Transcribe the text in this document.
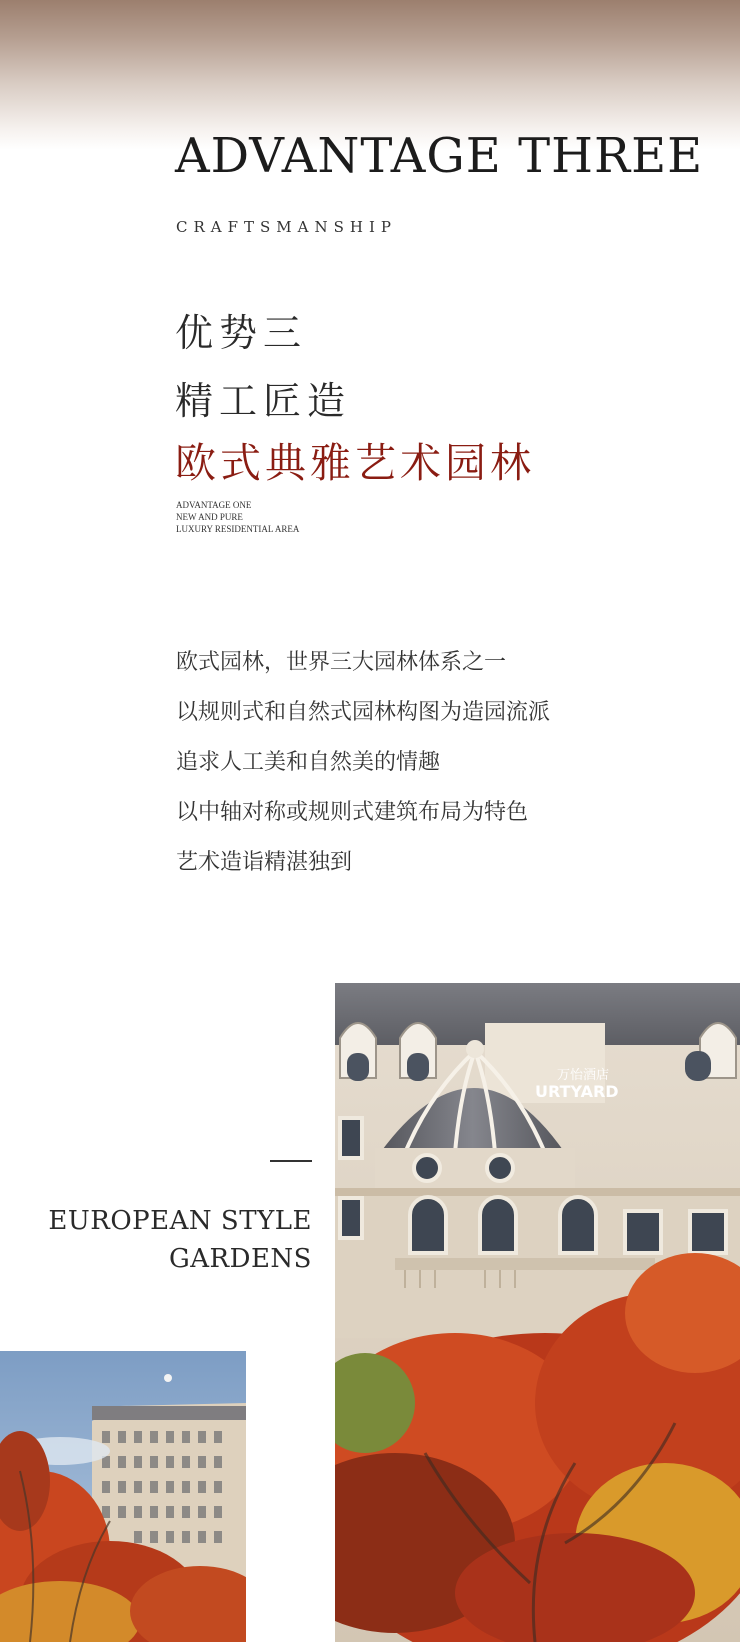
ADVANTAGE THREE
CRAFTSMANSHIP
优势三
精工匠造
欧式典雅艺术园林
ADVANTAGE ONE
NEW AND PURE
LUXURY RESIDENTIAL AREA

欧式园林，世界三大园林体系之一

以规则式和自然式园林构图为造园流派

追求人工美和自然美的情趣

以中轴对称或规则式建筑布局为特色

艺术造诣精湛独到

万怡酒店
URTYARD
EUROPEAN STYLE
GARDENS
